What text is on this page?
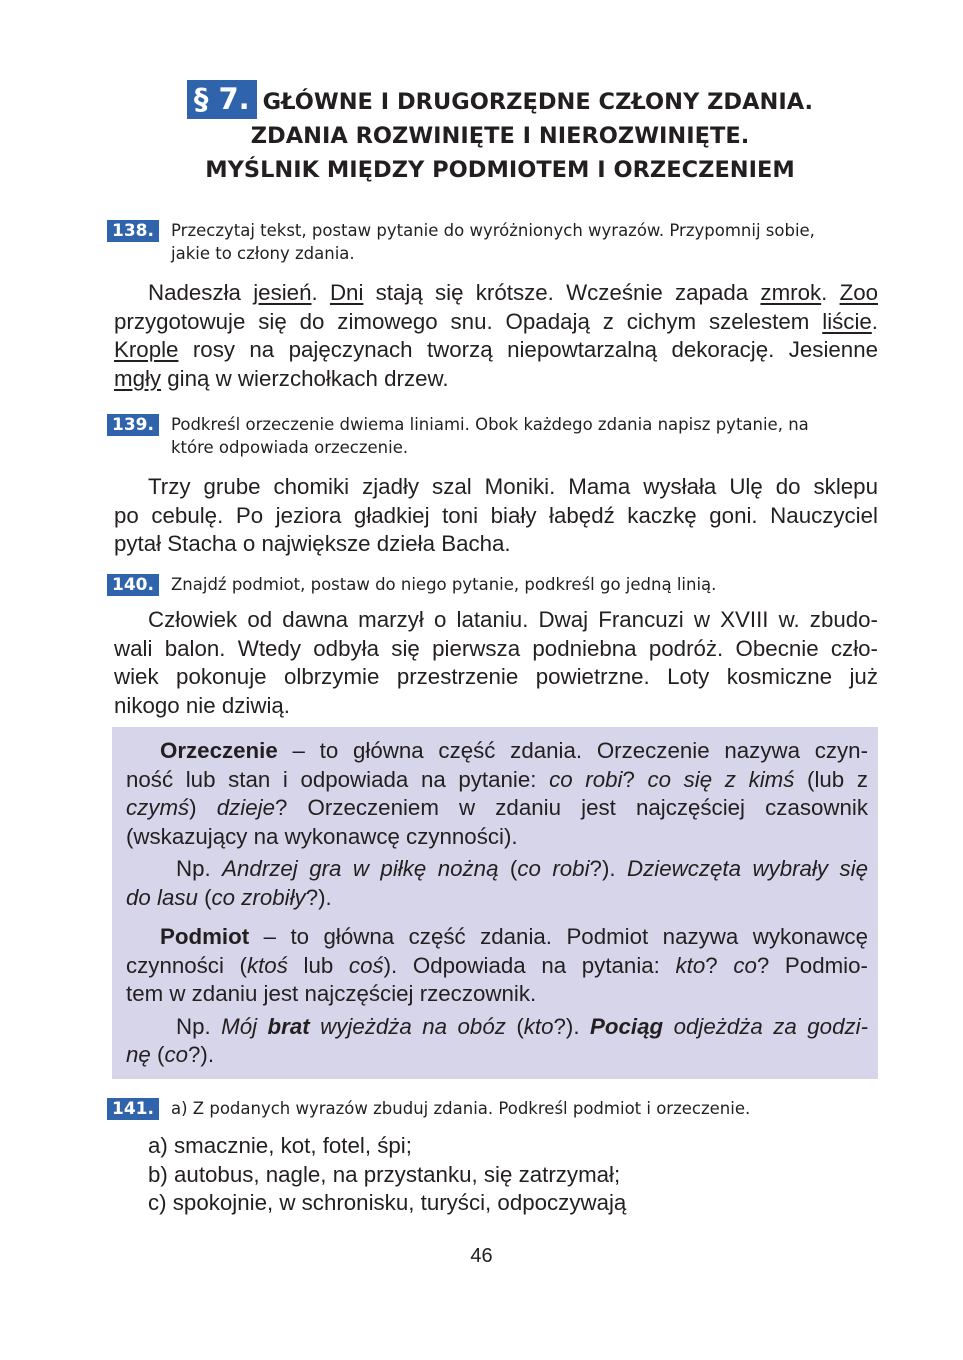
§ 7. GŁÓWNE I DRUGORZĘDNE CZŁONY ZDANIA.
ZDANIA ROZWINIĘTE I NIEROZWINIĘTE.
MYŚLNIK MIĘDZY PODMIOTEM I ORZECZENIEM
138.	Przeczytaj tekst, postaw pytanie do wyróżnionych wyrazów. Przypomnij sobie,
jakie to człony zdania.
Nadeszła jesień. Dni stają się krótsze. Wcześnie zapada zmrok. Zoo
przygotowuje się do zimowego snu. Opadają z cichym szelestem liście.
Krople rosy na pajęczynach tworzą niepowtarzalną dekorację. Jesienne
mgły giną w wierzchołkach drzew.
139.	Podkreśl orzeczenie dwiema liniami. Obok każdego zdania napisz pytanie, na
które odpowiada orzeczenie.
Trzy grube chomiki zjadły szal Moniki. Mama wysłała Ulę do sklepu
po cebulę. Po jeziora gładkiej toni biały łabędź kaczkę goni. Nauczyciel
pytał Stacha o największe dzieła Bacha.
140.	Znajdź podmiot, postaw do niego pytanie, podkreśl go jedną linią.
Człowiek od dawna marzył o lataniu. Dwaj Francuzi w XVIII w. zbudo-
wali balon. Wtedy odbyła się pierwsza podniebna podróż. Obecnie czło-
wiek pokonuje olbrzymie przestrzenie powietrzne. Loty kosmiczne już
nikogo nie dziwią.
Orzeczenie – to główna część zdania. Orzeczenie nazywa czyn-
ność lub stan i odpowiada na pytanie: co robi? co się z kimś (lub z
czymś) dzieje? Orzeczeniem w zdaniu jest najczęściej czasownik
(wskazujący na wykonawcę czynności).
Np. Andrzej gra w piłkę nożną (co robi?). Dziewczęta wybrały się
do lasu (co zrobiły?).
Podmiot – to główna część zdania. Podmiot nazywa wykonawcę
czynności (ktoś lub coś). Odpowiada na pytania: kto? co? Podmio-
tem w zdaniu jest najczęściej rzeczownik.
Np. Mój brat wyjeżdża na obóz (kto?). Pociąg odjeżdża za godzi-
nę (co?).
141.	a) Z podanych wyrazów zbuduj zdania. Podkreśl podmiot i orzeczenie.
a) smacznie, kot, fotel, śpi;
b) autobus, nagle, na przystanku, się zatrzymał;
c) spokojnie, w schronisku, turyści, odpoczywają
46
